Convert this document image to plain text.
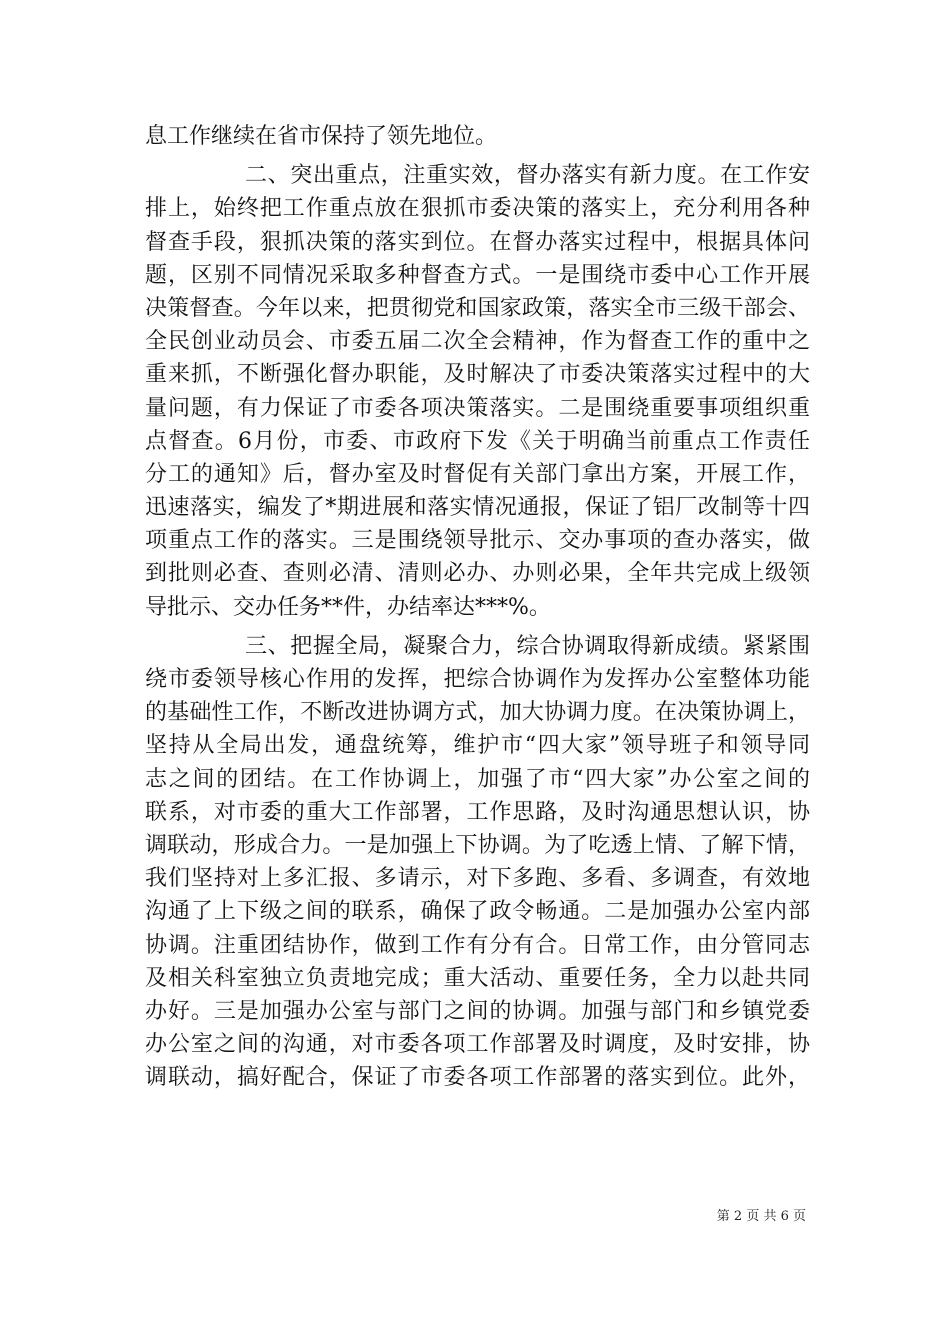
息工作继续在省市保持了领先地位。
二、突出重点，注重实效，督办落实有新力度。在工作安
排上，始终把工作重点放在狠抓市委决策的落实上，充分利用各种
督查手段，狠抓决策的落实到位。在督办落实过程中，根据具体问
题，区别不同情况采取多种督查方式。一是围绕市委中心工作开展
决策督查。今年以来，把贯彻党和国家政策，落实全市三级干部会、
全民创业动员会、市委五届二次全会精神，作为督查工作的重中之
重来抓，不断强化督办职能，及时解决了市委决策落实过程中的大
量问题，有力保证了市委各项决策落实。二是围绕重要事项组织重
点督查。6月份，市委、市政府下发《关于明确当前重点工作责任
分工的通知》后，督办室及时督促有关部门拿出方案，开展工作，
迅速落实，编发了*期进展和落实情况通报，保证了铝厂改制等十四
项重点工作的落实。三是围绕领导批示、交办事项的查办落实，做
到批则必查、查则必清、清则必办、办则必果，全年共完成上级领
导批示、交办任务**件，办结率达***%。
三、把握全局，凝聚合力，综合协调取得新成绩。紧紧围
绕市委领导核心作用的发挥，把综合协调作为发挥办公室整体功能
的基础性工作，不断改进协调方式，加大协调力度。在决策协调上，
坚持从全局出发，通盘统筹，维护市“四大家”领导班子和领导同
志之间的团结。在工作协调上，加强了市“四大家”办公室之间的
联系，对市委的重大工作部署，工作思路，及时沟通思想认识，协
调联动，形成合力。一是加强上下协调。为了吃透上情、了解下情，
我们坚持对上多汇报、多请示，对下多跑、多看、多调查，有效地
沟通了上下级之间的联系，确保了政令畅通。二是加强办公室内部
协调。注重团结协作，做到工作有分有合。日常工作，由分管同志
及相关科室独立负责地完成；重大活动、重要任务，全力以赴共同
办好。三是加强办公室与部门之间的协调。加强与部门和乡镇党委
办公室之间的沟通，对市委各项工作部署及时调度，及时安排，协
调联动，搞好配合，保证了市委各项工作部署的落实到位。此外，
第 2 页 共 6 页
